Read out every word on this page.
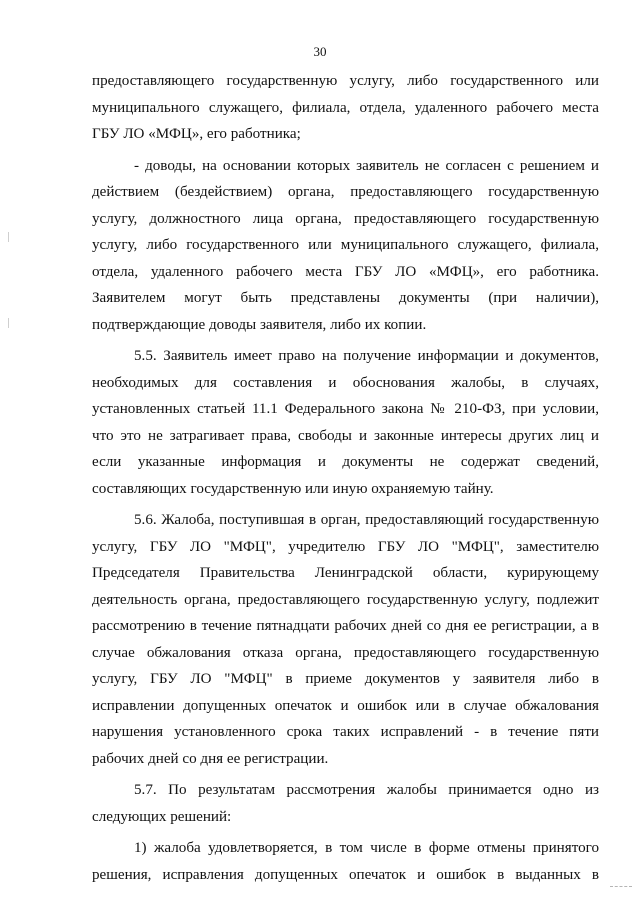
30
предоставляющего государственную услугу, либо государственного или
муниципального служащего, филиала, отдела, удаленного рабочего места
ГБУ ЛО «МФЦ», его работника;
- доводы, на основании которых заявитель не согласен с решением и
действием (бездействием) органа, предоставляющего государственную
услугу, должностного лица органа, предоставляющего государственную
услугу, либо государственного или муниципального служащего, филиала,
отдела, удаленного рабочего места ГБУ ЛО «МФЦ», его работника.
Заявителем могут быть представлены документы (при наличии),
подтверждающие доводы заявителя, либо их копии.
5.5. Заявитель имеет право на получение информации и документов,
необходимых для составления и обоснования жалобы, в случаях,
установленных статьей 11.1 Федерального закона № 210-ФЗ, при условии,
что это не затрагивает права, свободы и законные интересы других лиц и
если указанные информация и документы не содержат сведений,
составляющих государственную или иную охраняемую тайну.
5.6. Жалоба, поступившая в орган, предоставляющий государственную
услугу, ГБУ ЛО "МФЦ", учредителю ГБУ ЛО "МФЦ", заместителю
Председателя Правительства Ленинградской области, курирующему
деятельность органа, предоставляющего государственную услугу, подлежит
рассмотрению в течение пятнадцати рабочих дней со дня ее регистрации, а в
случае обжалования отказа органа, предоставляющего государственную
услугу, ГБУ ЛО "МФЦ" в приеме документов у заявителя либо в
исправлении допущенных опечаток и ошибок или в случае обжалования
нарушения установленного срока таких исправлений - в течение пяти
рабочих дней со дня ее регистрации.
5.7. По результатам рассмотрения жалобы принимается одно из
следующих решений:
1) жалоба удовлетворяется, в том числе в форме отмены принятого
решения, исправления допущенных опечаток и ошибок в выданных в
